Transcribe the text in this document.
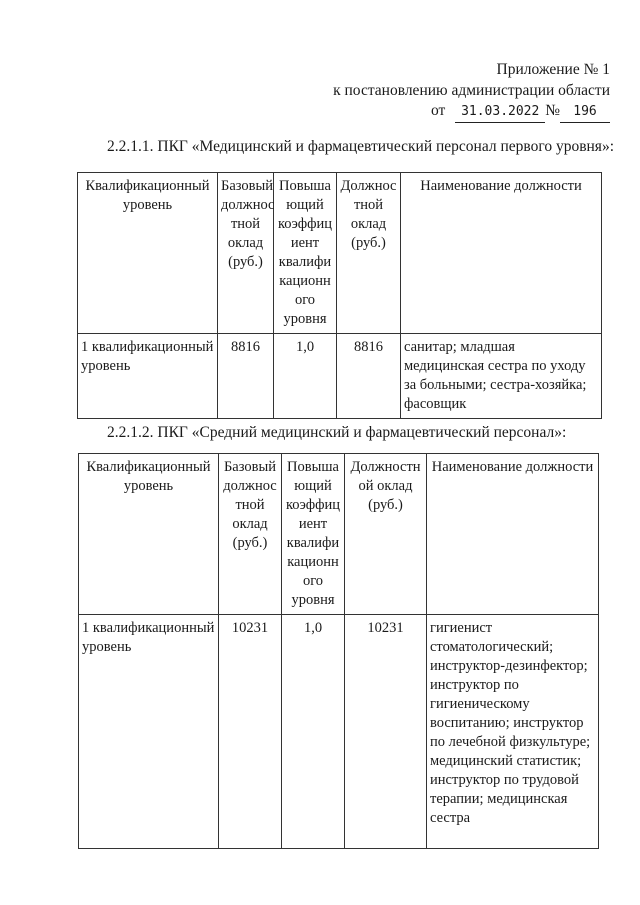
Приложение № 1
к постановлению администрации области
от 31.03.2022 № 196
2.2.1.1. ПКГ «Медицинский и фармацевтический персонал первого уровня»:
Квалификационный уровень	Базовый должнос тной оклад (руб.)	Повыша ющий коэффиц иент квалифи кационн ого уровня	Должнос тной оклад (руб.)	Наименование должности
1 квалификационный уровень	8816	1,0	8816	санитар; младшая медицинская сестра по уходу за больными; сестра-хозяйка; фасовщик
2.2.1.2. ПКГ «Средний медицинский и фармацевтический персонал»:
Квалификационный уровень	Базовый должнос тной оклад (руб.)	Повыша ющий коэффиц иент квалифи кационн ого уровня	Должностн ой оклад (руб.)	Наименование должности
1 квалификационный уровень	10231	1,0	10231	гигиенист стоматологический; инструктор-дезинфектор; инструктор по гигиеническому воспитанию; инструктор по лечебной физкультуре; медицинский статистик; инструктор по трудовой терапии; медицинская сестра
